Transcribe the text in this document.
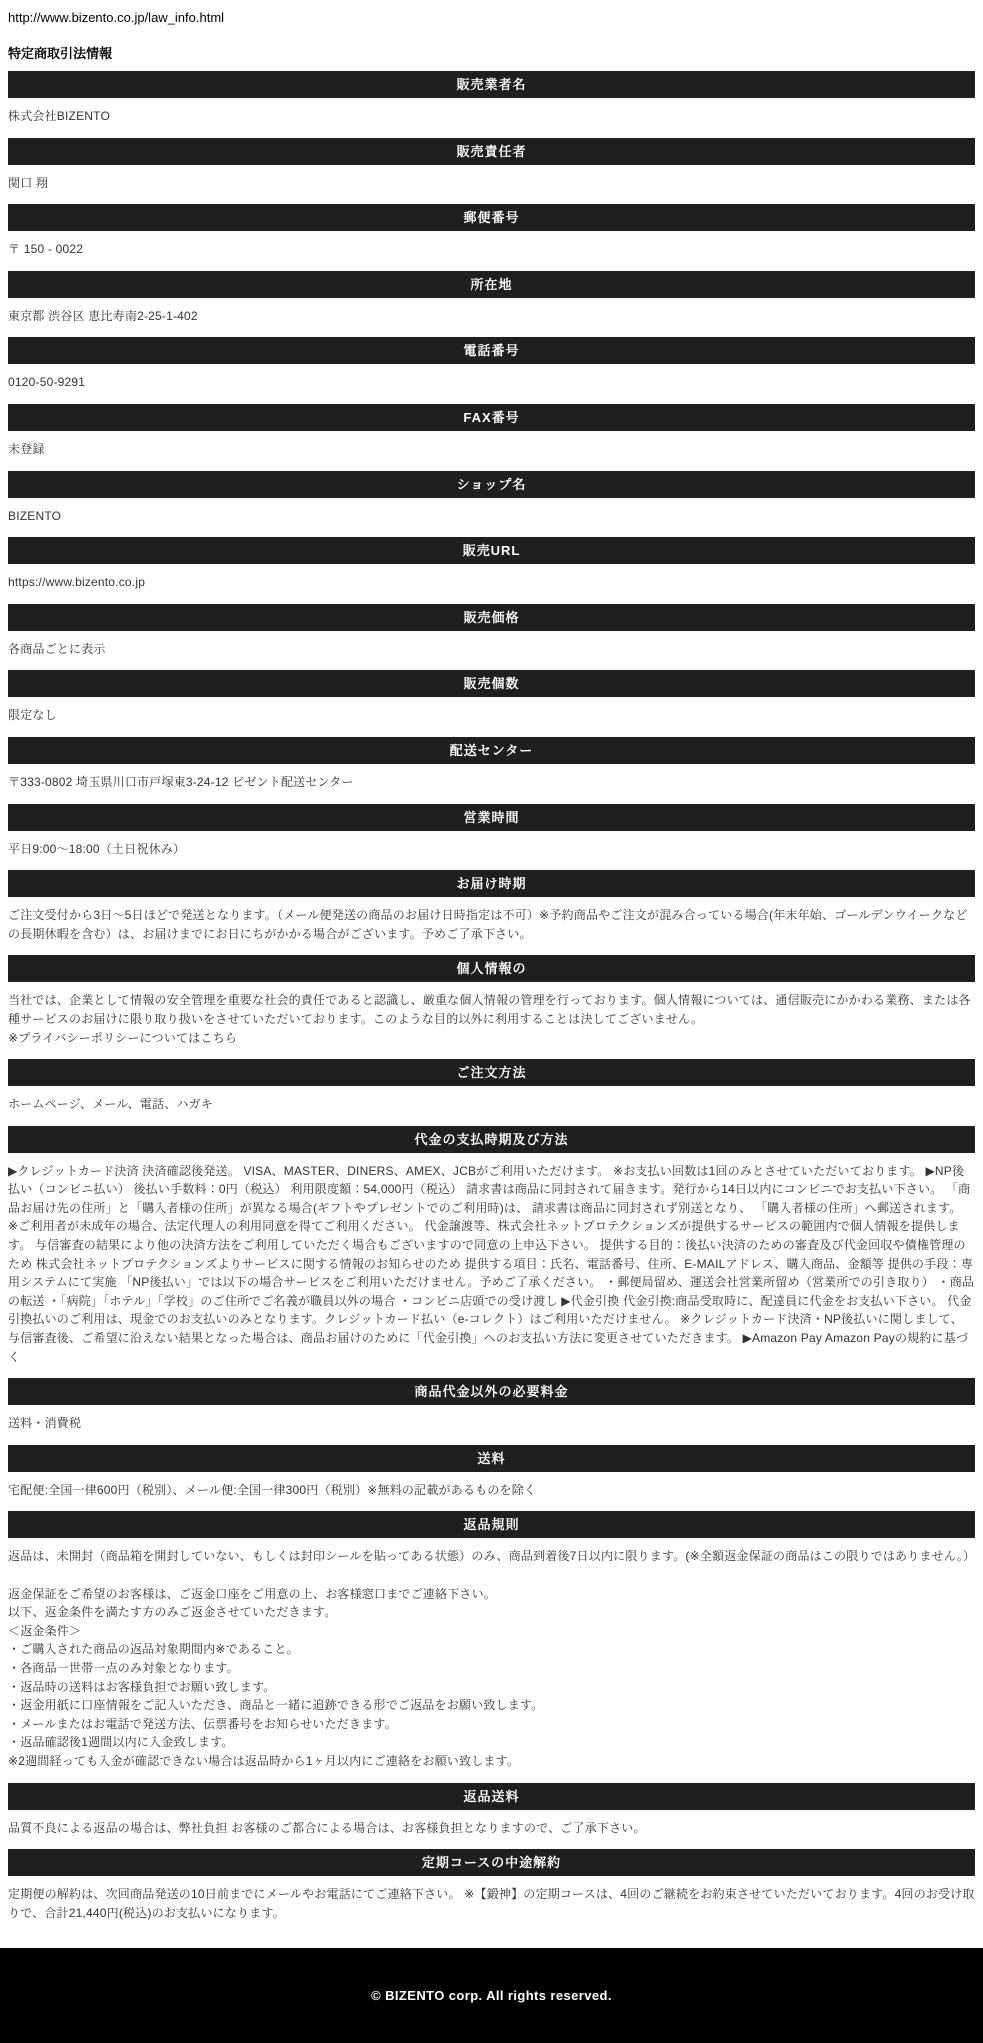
http://www.bizento.co.jp/law_info.html
特定商取引法情報
販売業者名
株式会社BIZENTO
販売責任者
関口 翔
郵便番号
〒 150 - 0022
所在地
東京都 渋谷区 恵比寿南2-25-1-402
電話番号
0120-50-9291
FAX番号
未登録
ショップ名
BIZENTO
販売URL
https://www.bizento.co.jp
販売価格
各商品ごとに表示
販売個数
限定なし
配送センター
〒333-0802 埼玉県川口市戸塚東3‐24‐12 ビゼント配送センター
営業時間
平日9:00〜18:00（土日祝休み）
お届け時期
ご注文受付から3日〜5日ほどで発送となります。（メール便発送の商品のお届け日時指定は不可）※予約商品やご注文が混み合っている場合(年末年始、ゴールデンウイークなどの長期休暇を含む）は、お届けまでにお日にちがかかる場合がございます。予めご了承下さい。
個人情報の
当社では、企業として情報の安全管理を重要な社会的責任であると認識し、厳重な個人情報の管理を行っております。個人情報については、通信販売にかかわる業務、または各種サービスのお届けに限り取り扱いをさせていただいております。このような目的以外に利用することは決してございません。
※プライバシーポリシーについてはこちら
ご注文方法
ホームページ、メール、電話、ハガキ
代金の支払時期及び方法
▶クレジットカード決済 決済確認後発送。 VISA、MASTER、DINERS、AMEX、JCBがご利用いただけます。 ※お支払い回数は1回のみとさせていただいております。 ▶NP後払い（コンビニ払い） 後払い手数料：0円（税込） 利用限度額：54,000円（税込） 請求書は商品に同封されて届きます。発行から14日以内にコンビニでお支払い下さい。 「商品お届け先の住所」と「購入者様の住所」が異なる場合(ギフトやプレゼントでのご利用時)は、 請求書は商品に同封されず別送となり、 「購入者様の住所」へ郵送されます。 ※ご利用者が未成年の場合、法定代理人の利用同意を得てご利用ください。 代金譲渡等、株式会社ネットプロテクションズが提供するサービスの範囲内で個人情報を提供します。 与信審査の結果により他の決済方法をご利用していただく場合もございますので同意の上申込下さい。 提供する目的：後払い決済のための審査及び代金回収や債権管理のため 株式会社ネットプロテクションズよりサービスに関する情報のお知らせのため 提供する項目：氏名、電話番号、住所、E-MAILアドレス、購入商品、金額等 提供の手段：専用システムにて実施 「NP後払い」では以下の場合サービスをご利用いただけません。予めご了承ください。 ・郵便局留め、運送会社営業所留め（営業所での引き取り） ・商品の転送 ・「病院」「ホテル」「学校」のご住所でご名義が職員以外の場合 ・コンビニ店頭での受け渡し ▶代金引換 代金引換:商品受取時に、配達員に代金をお支払い下さい。 代金引換払いのご利用は、現金でのお支払いのみとなります。クレジットカード払い（e-コレクト）はご利用いただけません。 ※クレジットカード決済・NP後払いに関しまして、与信審査後、ご希望に沿えない結果となった場合は、商品お届けのために「代金引換」へのお支払い方法に変更させていただきます。 ▶Amazon Pay Amazon Payの規約に基づく
商品代金以外の必要料金
送料・消費税
送料
宅配便:全国一律600円（税別）、メール便:全国一律300円（税別）※無料の記載があるものを除く
返品規則
返品は、未開封（商品箱を開封していない、もしくは封印シールを貼ってある状態）のみ、商品到着後7日以内に限ります。(※全額返金保証の商品はこの限りではありません。）

返金保証をご希望のお客様は、ご返金口座をご用意の上、お客様窓口までご連絡下さい。
以下、返金条件を満たす方のみご返金させていただきます。
＜返金条件＞
・ご購入された商品の返品対象期間内※であること。
・各商品一世帯一点のみ対象となります。
・返品時の送料はお客様負担でお願い致します。
・返金用紙に口座情報をご記入いただき、商品と一緒に追跡できる形でご返品をお願い致します。
・メールまたはお電話で発送方法、伝票番号をお知らせいただきます。
・返品確認後1週間以内に入金致します。
※2週間経っても入金が確認できない場合は返品時から1ヶ月以内にご連絡をお願い致します。
返品送料
品質不良による返品の場合は、弊社負担 お客様のご都合による場合は、お客様負担となりますので、ご了承下さい。
定期コースの中途解約
定期便の解約は、次回商品発送の10日前までにメールやお電話にてご連絡下さい。 ※【鍛神】の定期コースは、4回のご継続をお約束させていただいております。4回のお受け取りで、合計21,440円(税込)のお支払いになります。
© BIZENTO corp. All rights reserved.
